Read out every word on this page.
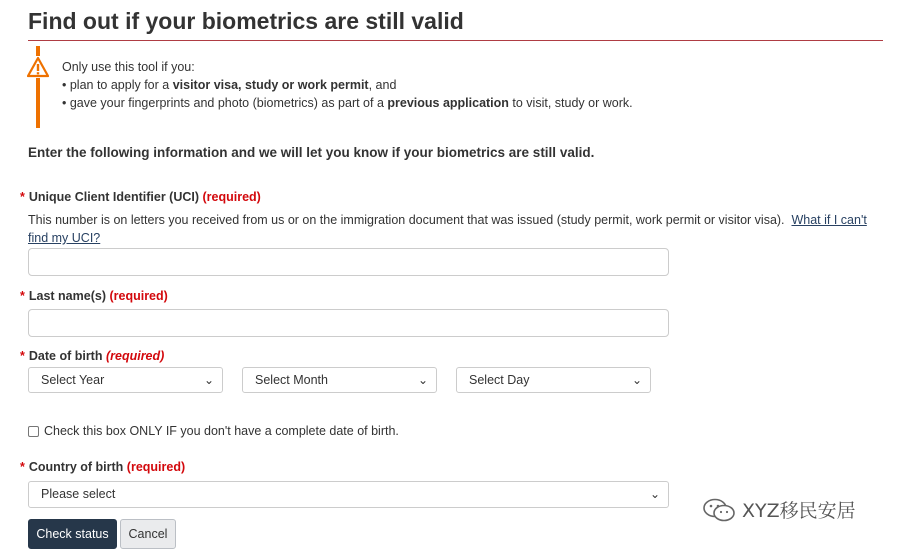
Find out if your biometrics are still valid
Only use this tool if you:
• plan to apply for a visitor visa, study or work permit, and
• gave your fingerprints and photo (biometrics) as part of a previous application to visit, study or work.
Enter the following information and we will let you know if your biometrics are still valid.
* Unique Client Identifier (UCI) (required)
This number is on letters you received from us or on the immigration document that was issued (study permit, work permit or visitor visa). What if I can't find my UCI?
* Last name(s) (required)
* Date of birth (required)
Select Year	⌄	Select Month	⌄	Select Day	⌄
Check this box ONLY IF you don't have a complete date of birth.
* Country of birth (required)
Please select	⌄
Check status	Cancel
XYZ移民安居
